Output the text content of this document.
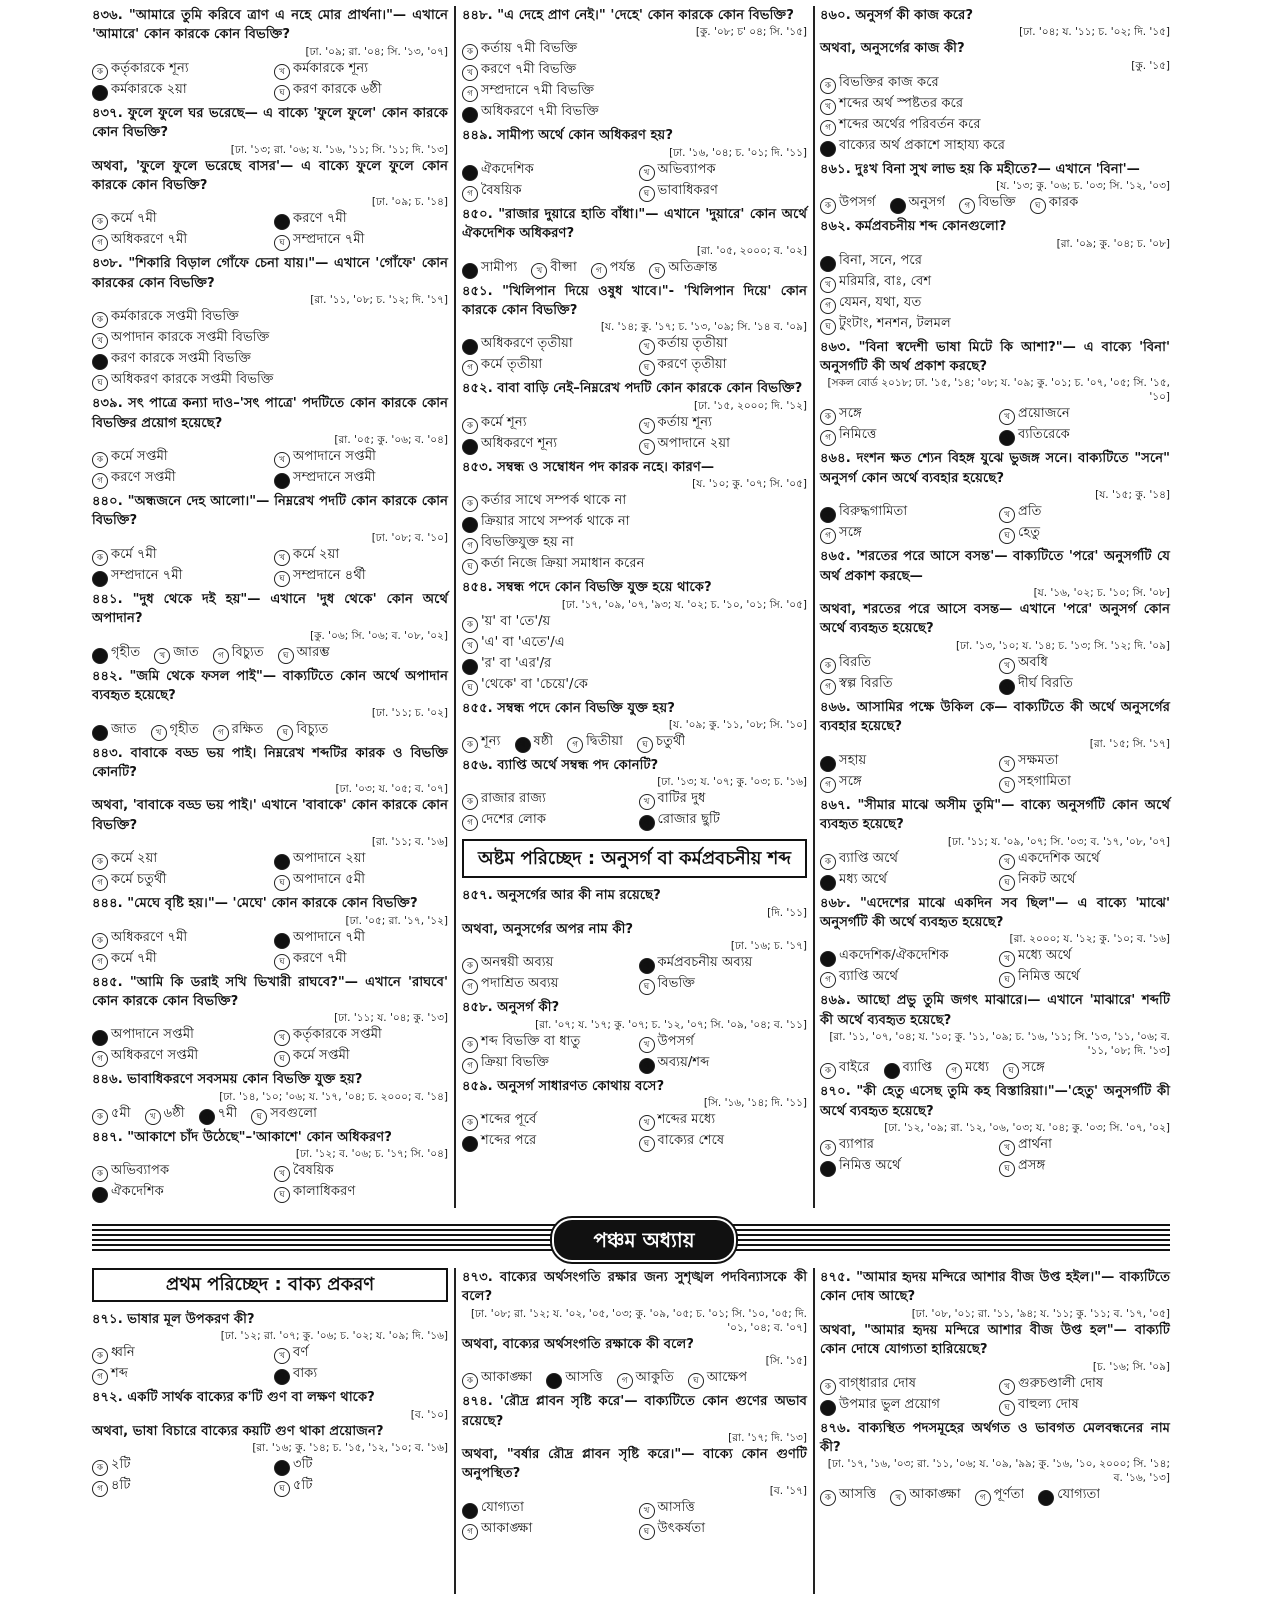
৪৩৬. "আমারে তুমি করিবে ত্রাণ এ নহে মোর প্রার্থনা।"— এখানে 'আমারে' কোন কারকে কোন বিভক্তি?
[ঢা. '০৯; রা. '০৪; সি. '১৩, '০৭]
ক কর্তৃকারকে শূন্য	খ কর্মকারকে শূন্য
গ কর্মকারকে ২য়া	ঘ করণ কারকে ৬ষ্ঠী
৪৩৭. ফুলে ফুলে ঘর ভরেছে— এ বাক্যে 'ফুলে ফুলে' কোন কারকে কোন বিভক্তি?
[ঢা. '১৩; রা. '০৬; য. '১৬, '১১; সি. '১১; দি. '১৩]
অথবা, 'ফুলে ফুলে ভরেছে বাসর'— এ বাক্যে ফুলে ফুলে কোন কারকে কোন বিভক্তি?
[ঢা. '০৯; চ. '১৪]
ক কর্মে ৭মী	খ করণে ৭মী
গ অধিকরণে ৭মী	ঘ সম্প্রদানে ৭মী
৪৩৮. "শিকারি বিড়াল গোঁফে চেনা যায়।"— এখানে 'গোঁফে' কোন কারকের কোন বিভক্তি?
[রা. '১১, '০৮; চ. '১২; দি. '১৭]
ক কর্মকারকে সপ্তমী বিভক্তি
খ অপাদান কারকে সপ্তমী বিভক্তি
গ করণ কারকে সপ্তমী বিভক্তি
ঘ অধিকরণ কারকে সপ্তমী বিভক্তি
৪৩৯. সৎ পাত্রে কন্যা দাও–'সৎ পাত্রে' পদটিতে কোন কারকে কোন বিভক্তির প্রয়োগ হয়েছে?
[রা. '০৫; কু. '০৬; ব. '০৪]
ক কর্মে সপ্তমী	খ অপাদানে সপ্তমী
গ করণে সপ্তমী	ঘ সম্প্রদানে সপ্তমী
৪৪০. "অন্ধজনে দেহ আলো।"— নিম্নরেখ পদটি কোন কারকে কোন বিভক্তি?
[ঢা. '০৮; ব. '১০]
ক কর্মে ৭মী	খ কর্মে ২য়া
গ সম্প্রদানে ৭মী	ঘ সম্প্রদানে ৪র্থী
৪৪১. "দুধ থেকে দই হয়"— এখানে 'দুধ থেকে' কোন অর্থে অপাদান?
[কু. '০৬; সি. '০৬; ব. '০৮, '০২]
ক গৃহীত	খ জাত	গ বিচ্যুত	ঘ আরম্ভ
৪৪২. "জমি থেকে ফসল পাই"— বাক্যটিতে কোন অর্থে অপাদান ব্যবহৃত হয়েছে?
[ঢা. '১১; চ. '০২]
ক জাত	খ গৃহীত	গ রক্ষিত	ঘ বিচ্যুত
৪৪৩. বাবাকে বড্ড ভয় পাই। নিম্নরেখ শব্দটির কারক ও বিভক্তি কোনটি?
[ঢা. '০৩; য. '০৫; ব. '০৭]
অথবা, 'বাবাকে বড্ড ভয় পাই।' এখানে 'বাবাকে' কোন কারকে কোন বিভক্তি?
[রা. '১১; ব. '১৬]
ক কর্মে ২য়া	খ অপাদানে ২য়া
গ কর্মে চতুর্থী	ঘ অপাদানে ৫মী
৪৪৪. "মেঘে বৃষ্টি হয়।"— 'মেঘে' কোন কারকে কোন বিভক্তি?
[ঢা. '০৫; রা. '১৭, '১২]
ক অধিকরণে ৭মী	খ অপাদানে ৭মী
গ কর্মে ৭মী	ঘ করণে ৭মী
৪৪৫. "আমি কি ডরাই সখি ভিখারী রাঘবে?"— এখানে 'রাঘবে' কোন কারকে কোন বিভক্তি?
[ঢা. '১১; য. '০৪; কু. '১৩]
ক অপাদানে সপ্তমী	খ কর্তৃকারকে সপ্তমী
গ অধিকরণে সপ্তমী	ঘ কর্মে সপ্তমী
৪৪৬. ভাবাধিকরণে সবসময় কোন বিভক্তি যুক্ত হয়?
[ঢা. '১৪, '১০; '০৬; য. '১৭, '০৪; চ. ২০০০; ব. '১৪]
ক ৫মী	খ ৬ষ্ঠী	গ ৭মী	ঘ সবগুলো
৪৪৭. "আকাশে চাঁদ উঠেছে"–'আকাশে' কোন অধিকরণ?
[ঢা. '১২; ব. '০৬; চ. '১৭; সি. '০৪]
ক অভিব্যাপক	খ বৈষয়িক
গ ঐকদেশিক	ঘ কালাধিকরণ
৪৪৮. "এ দেহে প্রাণ নেই।" 'দেহে' কোন কারকে কোন বিভক্তি?
[কু. '০৮; চ' ০৪; সি. '১৫]
ক কর্তায় ৭মী বিভক্তি
খ করণে ৭মী বিভক্তি
গ সম্প্রদানে ৭মী বিভক্তি
ঘ অধিকরণে ৭মী বিভক্তি
৪৪৯. সামীপ্য অর্থে কোন অধিকরণ হয়?
[ঢা. '১৬, '০৪; চ. '০১; দি. '১১]
ক ঐকদেশিক	খ অভিব্যাপক
গ বৈষয়িক	ঘ ভাবাধিকরণ
৪৫০. "রাজার দুয়ারে হাতি বাঁধা।"— এখানে 'দুয়ারে' কোন অর্থে ঐকদেশিক অধিকরণ?
[রা. '০৫, ২০০০; ব. '০২]
ক সামীপ্য	খ বীপ্সা	গ পর্যন্ত	ঘ অতিক্রান্ত
৪৫১. "খিলিপান দিয়ে ওষুধ খাবে।"- 'খিলিপান দিয়ে' কোন কারকে কোন বিভক্তি?
[য. '১৪; কু. '১৭; চ. '১৩, '০৯; সি. '১৪ ব. '০৯]
ক অধিকরণে তৃতীয়া	খ কর্তায় তৃতীয়া
গ কর্মে তৃতীয়া	ঘ করণে তৃতীয়া
৪৫২. বাবা বাড়ি নেই–নিম্নরেখ পদটি কোন কারকে কোন বিভক্তি?
[ঢা. '১৫, ২০০০; দি. '১২]
ক কর্মে শূন্য	খ কর্তায় শূন্য
গ অধিকরণে শূন্য	ঘ অপাদানে ২য়া
৪৫৩. সম্বন্ধ ও সম্বোধন পদ কারক নহে। কারণ—
[য. '১০; কু. '০৭; সি. '০৫]
ক কর্তার সাথে সম্পর্ক থাকে না
খ ক্রিয়ার সাথে সম্পর্ক থাকে না
গ বিভক্তিযুক্ত হয় না
ঘ কর্তা নিজে ক্রিয়া সমাধান করেন
৪৫৪. সম্বন্ধ পদে কোন বিভক্তি যুক্ত হয়ে থাকে?
[ঢা. '১৭, '০৯, '০৭, '৯৩; য. '০২; চ. '১০, '০১; সি. '০৫]
ক 'য়' বা 'তে'/য়
খ 'এ' বা 'এতে'/এ
গ 'র' বা 'এর'/র
ঘ 'থেকে' বা 'চেয়ে'/কে
৪৫৫. সম্বন্ধ পদে কোন বিভক্তি যুক্ত হয়?
[য. '০৯; কু. '১১, '০৮; সি. '১০]
ক শূন্য	খ ষষ্ঠী	গ দ্বিতীয়া	ঘ চতুর্থী
৪৫৬. ব্যাপ্তি অর্থে সম্বন্ধ পদ কোনটি?
[ঢা. '১৩; য. '০৭; কু. '০৩; চ. '১৬]
ক রাজার রাজ্য	খ বাটির দুধ
গ দেশের লোক	ঘ রোজার ছুটি
অষ্টম পরিচ্ছেদ : অনুসর্গ বা কর্মপ্রবচনীয় শব্দ
৪৫৭. অনুসর্গের আর কী নাম রয়েছে?
[দি. '১১]
অথবা, অনুসর্গের অপর নাম কী?
[ঢা. '১৬; চ. '১৭]
ক অনন্বয়ী অব্যয়	খ কর্মপ্রবচনীয় অব্যয়
গ পদাশ্রিত অব্যয়	ঘ বিভক্তি
৪৫৮. অনুসর্গ কী?
[রা. '০৭; য. '১৭; কু. '০৭; চ. '১২, '০৭; সি. '০৯, '০৪; ব. '১১]
ক শব্দ বিভক্তি বা ধাতু	খ উপসর্গ
গ ক্রিয়া বিভক্তি	ঘ অব্যয়/শব্দ
৪৫৯. অনুসর্গ সাধারণত কোথায় বসে?
[সি. '১৬, '১৪; দি. '১১]
ক শব্দের পূর্বে	খ শব্দের মধ্যে
গ শব্দের পরে	ঘ বাক্যের শেষে
৪৬০. অনুসর্গ কী কাজ করে?
[ঢা. '০৪; য. '১১; চ. '০২; দি. '১৫]
অথবা, অনুসর্গের কাজ কী?
[কু. '১৫]
ক বিভক্তির কাজ করে
খ শব্দের অর্থ স্পষ্টতর করে
গ শব্দের অর্থের পরিবর্তন করে
ঘ বাক্যের অর্থ প্রকাশে সাহায্য করে
৪৬১. দুঃখ বিনা সুখ লাভ হয় কি মহীতে?— এখানে 'বিনা'—
[য. '১৩; কু. '০৬; চ. '০৩; সি. '১২, '০৩]
ক উপসর্গ	খ অনুসর্গ	গ বিভক্তি	ঘ কারক
৪৬২. কর্মপ্রবচনীয় শব্দ কোনগুলো?
[রা. '০৯; কু. '০৪; চ. '০৮]
ক বিনা, সনে, পরে
খ মরিমরি, বাঃ, বেশ
গ যেমন, যথা, যত
ঘ টুংটাং, শনশন, টলমল
৪৬৩. "বিনা স্বদেশী ভাষা মিটে কি আশা?"— এ বাক্যে 'বিনা' অনুসর্গটি কী অর্থ প্রকাশ করছে?
[সকল বোর্ড ২০১৮; ঢা. '১৫, '১৪; '০৮; য. '০৯; কু. '০১; চ. '০৭, '০৫; সি. '১৫, '১০]
ক সঙ্গে	খ প্রয়োজনে
গ নিমিত্তে	ঘ ব্যতিরেকে
৪৬৪. দংশন ক্ষত শ্যেন বিহঙ্গ যুঝে ভুজঙ্গ সনে। বাক্যটিতে "সনে" অনুসর্গ কোন অর্থে ব্যবহার হয়েছে?
[য. '১৫; কু. '১৪]
ক বিরুদ্ধগামিতা	খ প্রতি
গ সঙ্গে	ঘ হেতু
৪৬৫. 'শরতের পরে আসে বসন্ত'— বাক্যটিতে 'পরে' অনুসর্গটি যে অর্থ প্রকাশ করছে—
[য. '১৬, '০২; চ. '১০; সি. '০৮]
অথবা, শরতের পরে আসে বসন্ত— এখানে 'পরে' অনুসর্গ কোন অর্থে ব্যবহৃত হয়েছে?
[ঢা. '১৩, '১০; য. '১৪; চ. '১৩; সি. '১২; দি. '০৯]
ক বিরতি	খ অবধি
গ স্বল্প বিরতি	ঘ দীর্ঘ বিরতি
৪৬৬. আসামির পক্ষে উকিল কে— বাক্যটিতে কী অর্থে অনুসর্গের ব্যবহার হয়েছে?
[রা. '১৫; সি. '১৭]
ক সহায়	খ সক্ষমতা
গ সঙ্গে	ঘ সহগামিতা
৪৬৭. "সীমার মাঝে অসীম তুমি"— বাক্যে অনুসর্গটি কোন অর্থে ব্যবহৃত হয়েছে?
[ঢা. '১১; য. '০৯, '০৭; সি. '০৩; ব. '১৭, '০৮, '০৭]
ক ব্যাপ্তি অর্থে	খ একদেশিক অর্থে
গ মধ্য অর্থে	ঘ নিকট অর্থে
৪৬৮. "এদেশের মাঝে একদিন সব ছিল"— এ বাক্যে 'মাঝে' অনুসর্গটি কী অর্থে ব্যবহৃত হয়েছে?
[রা. ২০০০; য. '১২; কু. '১০; ব. '১৬]
ক একদেশিক/ঐকদেশিক	খ মধ্যে অর্থে
গ ব্যাপ্তি অর্থে	ঘ নিমিত্ত অর্থে
৪৬৯. আছো প্রভু তুমি জগৎ মাঝারে।— এখানে 'মাঝারে' শব্দটি কী অর্থে ব্যবহৃত হয়েছে?
[রা. '১১, '০৭, '০৪; য. '১০; কু. '১১, '০৯; চ. '১৬, '১১; সি. '১৩, '১১, '০৬; ব. '১১, '০৮; দি. '১৩]
ক বাইরে	খ ব্যাপ্তি	গ মধ্যে	ঘ সঙ্গে
৪৭০. "কী হেতু এসেছ তুমি কহ বিস্তারিয়া।"—'হেতু' অনুসর্গটি কী অর্থে ব্যবহৃত হয়েছে?
[ঢা. '১২, '০৯; রা. '১২, '০৬, '০৩; য. '০৪; কু. '০৩; সি. '০৭, '০২]
ক ব্যাপার	খ প্রার্থনা
গ নিমিত্ত অর্থে	ঘ প্রসঙ্গ
পঞ্চম অধ্যায়
প্রথম পরিচ্ছেদ : বাক্য প্রকরণ
৪৭১. ভাষার মূল উপকরণ কী?
[ঢা. '১২; রা. '০৭; কু. '০৬; চ. '০২; য. '০৯; দি. '১৬]
ক ধ্বনি	খ বর্ণ
গ শব্দ	ঘ বাক্য
৪৭২. একটি সার্থক বাক্যের ক'টি গুণ বা লক্ষণ থাকে?
[ব. '১০]
অথবা, ভাষা বিচারে বাক্যের কয়টি গুণ থাকা প্রয়োজন?
[রা. '১৬; কু. '১৪; চ. '১৫, '১২, '১০; ব. '১৬]
ক ২টি	খ ৩টি
গ ৪টি	ঘ ৫টি
৪৭৩. বাক্যের অর্থসংগতি রক্ষার জন্য সুশৃঙ্খল পদবিন্যাসকে কী বলে?
[ঢা. '০৮; রা. '১২; য. '০২, '০৫, '০৩; কু. '০৯, '০৫; চ. '০১; সি. '১০, '০৫; দি. '০১, '০৪; ব. '০৭]
অথবা, বাক্যের অর্থসংগতি রক্ষাকে কী বলে?
[সি. '১৫]
ক আকাঙ্ক্ষা	খ আসত্তি	গ আকুতি	ঘ আক্ষেপ
৪৭৪. 'রৌদ্র প্লাবন সৃষ্টি করে'— বাক্যটিতে কোন গুণের অভাব রয়েছে?
[রা. '১৭; দি. '১৩]
অথবা, "বর্ষার রৌদ্র প্লাবন সৃষ্টি করে।"— বাক্যে কোন গুণটি অনুপস্থিত?
[ব. '১৭]
ক যোগ্যতা	খ আসত্তি
গ আকাঙ্ক্ষা	ঘ উৎকর্ষতা
৪৭৫. "আমার হৃদয় মন্দিরে আশার বীজ উপ্ত হইল।"— বাক্যটিতে কোন দোষ আছে?
[ঢা. '০৮, '০১; রা. '১১, '৯৪; য. '১১; কু. '১১; ব. '১৭, '০৫]
অথবা, "আমার হৃদয় মন্দিরে আশার বীজ উপ্ত হল"— বাক্যটি কোন দোষে যোগ্যতা হারিয়েছে?
[চ. '১৬; সি. '০৯]
ক বাগ্‌ধারার দোষ	খ গুরুচণ্ডালী দোষ
গ উপমার ভুল প্রয়োগ	ঘ বাহুল্য দোষ
৪৭৬. বাক্যস্থিত পদসমূহের অর্থগত ও ভাবগত মেলবন্ধনের নাম কী?
[ঢা. '১৭, '১৬, '০৩; রা. '১১, '০৬; য. '০৯, '৯৯; কু. '১৬, '১০, ২০০০; সি. '১৪; ব. '১৬, '১৩]
ক আসত্তি	খ আকাঙ্ক্ষা	গ পূর্ণতা	ঘ যোগ্যতা
